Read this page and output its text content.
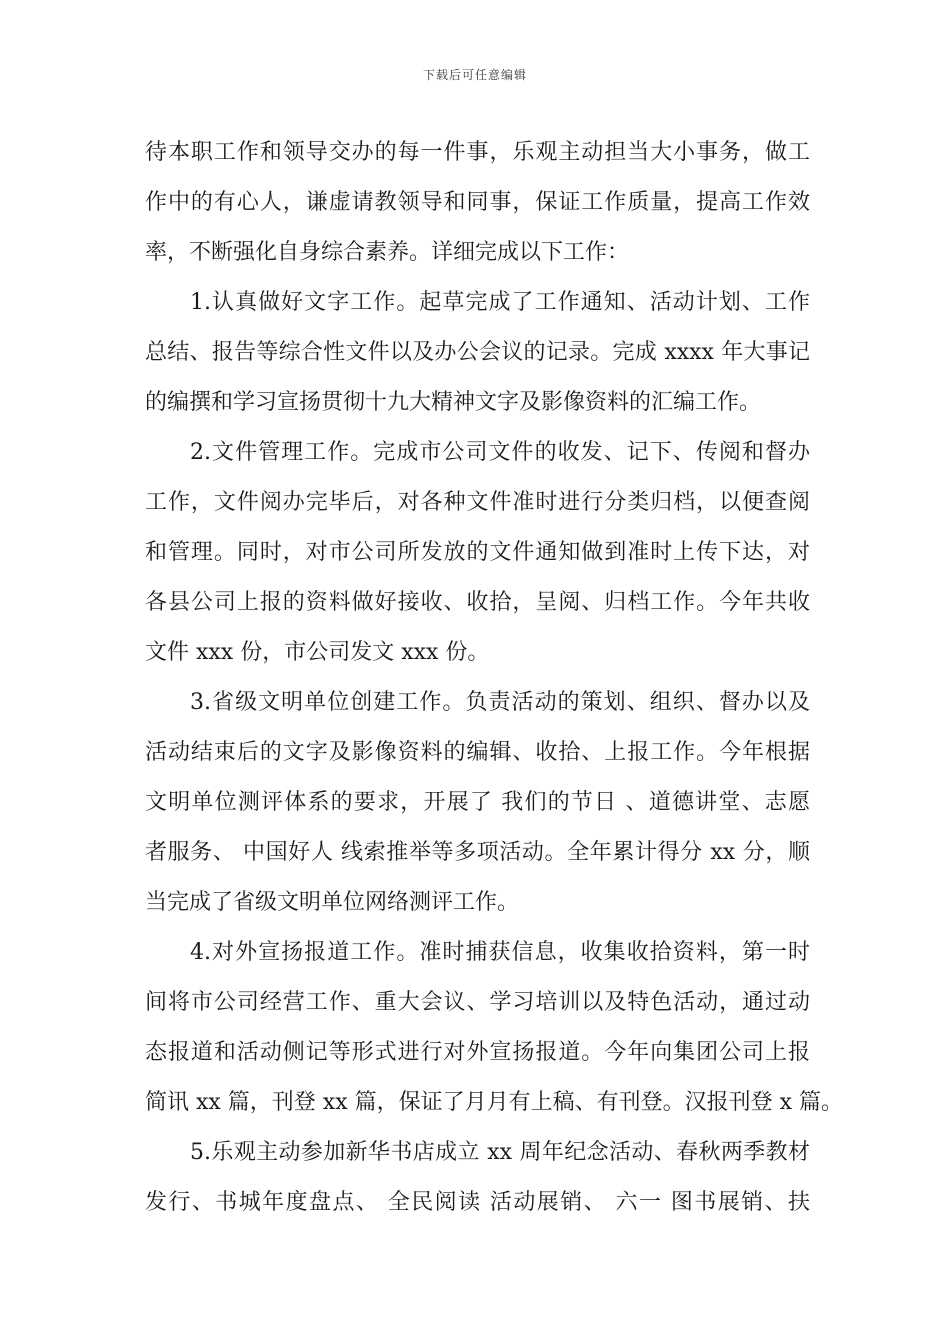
下载后可任意编辑
待本职工作和领导交办的每一件事，乐观主动担当大小事务，做工
作中的有心人，谦虚请教领导和同事，保证工作质量，提高工作效
率，不断强化自身综合素养。详细完成以下工作：
1.认真做好文字工作。起草完成了工作通知、活动计划、工作
总结、报告等综合性文件以及办公会议的记录。完成 xxxx 年大事记
的编撰和学习宣扬贯彻十九大精神文字及影像资料的汇编工作。
2.文件管理工作。完成市公司文件的收发、记下、传阅和督办
工作，文件阅办完毕后，对各种文件准时进行分类归档，以便查阅
和管理。同时，对市公司所发放的文件通知做到准时上传下达，对
各县公司上报的资料做好接收、收拾，呈阅、归档工作。今年共收
文件 xxx 份，市公司发文 xxx 份。
3.省级文明单位创建工作。负责活动的策划、组织、督办以及
活动结束后的文字及影像资料的编辑、收拾、上报工作。今年根据
文明单位测评体系的要求，开展了 我们的节日 、道德讲堂、志愿
者服务、 中国好人 线索推举等多项活动。全年累计得分 xx 分，顺
当完成了省级文明单位网络测评工作。
4.对外宣扬报道工作。准时捕获信息，收集收拾资料，第一时
间将市公司经营工作、重大会议、学习培训以及特色活动，通过动
态报道和活动侧记等形式进行对外宣扬报道。今年向集团公司上报
简讯 xx 篇，刊登 xx 篇，保证了月月有上稿、有刊登。汉报刊登 x 篇。
5.乐观主动参加新华书店成立 xx 周年纪念活动、春秋两季教材
发行、书城年度盘点、 全民阅读 活动展销、 六一 图书展销、扶
